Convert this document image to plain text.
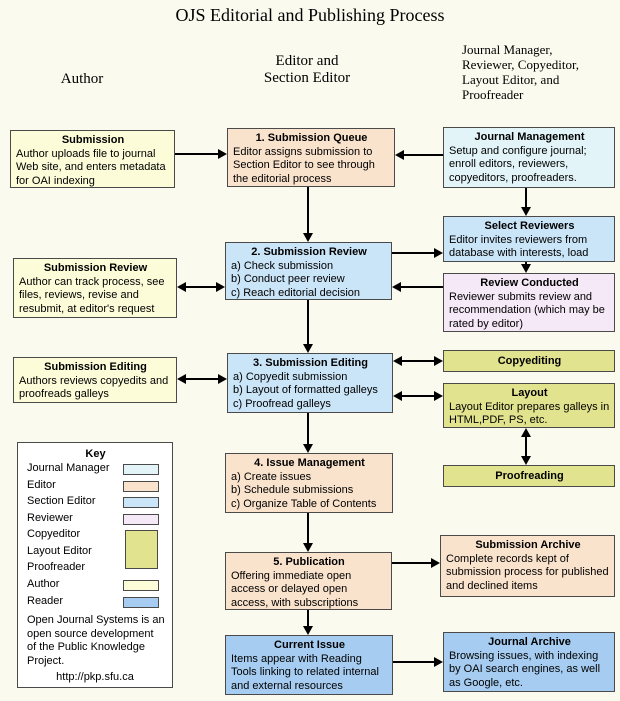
OJS Editorial and Publishing Process
Author
Editor and
Section Editor
Journal Manager,
Reviewer, Copyeditor,
Layout Editor, and
Proofreader
Submission
Author uploads file to journal Web site, and enters metadata for OAI indexing
Submission Review
Author can track process, see files, reviews, revise and resubmit, at editor's request
Submission Editing
Authors reviews copyedits and proofreads galleys
1. Submission Queue
Editor assigns submission to Section Editor to see through the editorial process
2. Submission Review
a) Check submission
b) Conduct peer review
c) Reach editorial decision
3. Submission Editing
a) Copyedit submission
b) Layout of formatted galleys
c) Proofread galleys
4. Issue Management
a) Create issues
b) Schedule submissions
c) Organize Table of Contents
5. Publication
Offering immediate open access or delayed open access, with subscriptions
Current Issue
Items appear with Reading Tools linking to related internal and external resources
Journal Management
Setup and configure journal; enroll editors, reviewers, copyeditors, proofreaders.
Select Reviewers
Editor invites reviewers from database with interests, load
Review Conducted
Reviewer submits review and recommendation (which may be rated by editor)
Copyediting
Layout
Layout Editor prepares galleys in HTML,PDF, PS, etc.
Proofreading
Submission Archive
Complete records kept of submission process for published and declined items
Journal Archive
Browsing issues, with indexing by OAI search engines, as well as Google, etc.
Key
Journal Manager
Editor
Section Editor
Reviewer
Copyeditor
Layout Editor
Proofreader
Author
Reader
Open Journal Systems is an open source development of the Public Knowledge Project.
http://pkp.sfu.ca
